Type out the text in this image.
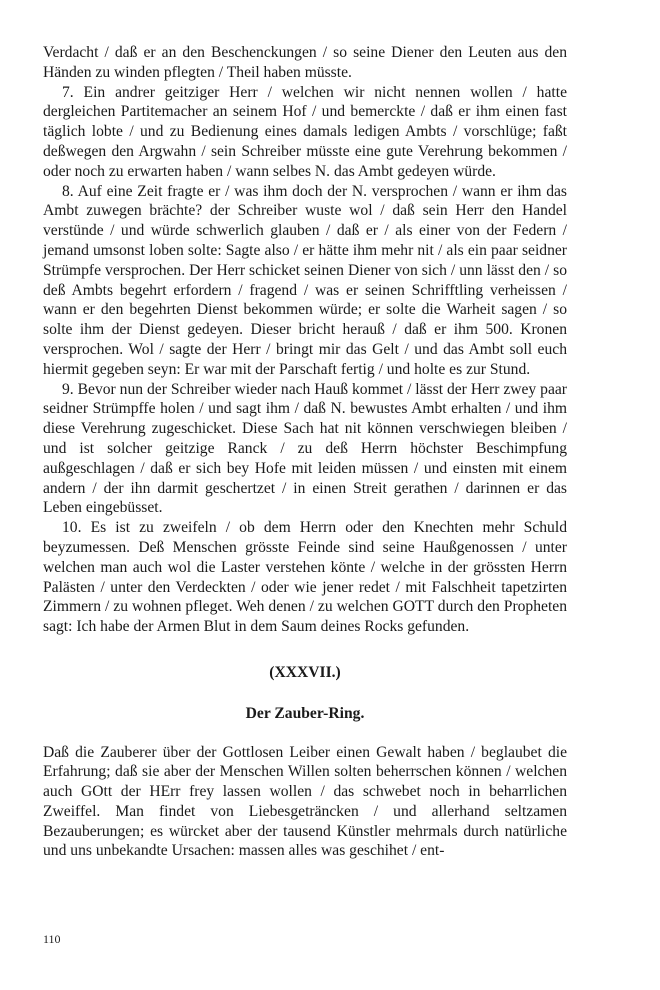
Verdacht / daß er an den Beschenckungen / so seine Diener den Leuten aus den Händen zu winden pflegten / Theil haben müsste.

7. Ein andrer geitziger Herr / welchen wir nicht nennen wollen / hatte dergleichen Partitemacher an seinem Hof / und bemerckte / daß er ihm einen fast täglich lobte / und zu Bedienung eines damals ledigen Ambts / vorschlüge; faßt deßwegen den Argwahn / sein Schreiber müsste eine gute Verehrung bekommen / oder noch zu erwarten haben / wann selbes N. das Ambt gedeyen würde.

8. Auf eine Zeit fragte er / was ihm doch der N. versprochen / wann er ihm das Ambt zuwegen brächte? der Schreiber wuste wol / daß sein Herr den Handel verstünde / und würde schwerlich glauben / daß er / als einer von der Federn / jemand umsonst loben solte: Sagte also / er hätte ihm mehr nit / als ein paar seidner Strümpfe versprochen. Der Herr schicket seinen Diener von sich / unn lässt den / so deß Ambts begehrt erfordern / fragend / was er seinen Schrifftling verheissen / wann er den begehrten Dienst bekommen würde; er solte die Warheit sagen / so solte ihm der Dienst gedeyen. Dieser bricht herauß / daß er ihm 500. Kronen versprochen. Wol / sagte der Herr / bringt mir das Gelt / und das Ambt soll euch hiermit gegeben seyn: Er war mit der Parschaft fertig / und holte es zur Stund.

9. Bevor nun der Schreiber wieder nach Hauß kommet / lässt der Herr zwey paar seidner Strümpffe holen / und sagt ihm / daß N. bewustes Ambt erhalten / und ihm diese Verehrung zugeschicket. Diese Sach hat nit können verschwiegen bleiben / und ist solcher geitzige Ranck / zu deß Herrn höchster Beschimpfung außgeschlagen / daß er sich bey Hofe mit leiden müssen / und einsten mit einem andern / der ihn darmit geschertzet / in einen Streit gerathen / darinnen er das Leben eingebüsset.

10. Es ist zu zweifeln / ob dem Herrn oder den Knechten mehr Schuld beyzumessen. Deß Menschen grösste Feinde sind seine Haußgenossen / unter welchen man auch wol die Laster verstehen könte / welche in der grössten Herrn Palästen / unter den Verdeckten / oder wie jener redet / mit Falschheit tapetzirten Zimmern / zu wohnen pfleget. Weh denen / zu welchen GOTT durch den Propheten sagt: Ich habe der Armen Blut in dem Saum deines Rocks gefunden.

(XXXVII.)
Der Zauber-Ring.

Daß die Zauberer über der Gottlosen Leiber einen Gewalt haben / beglaubet die Erfahrung; daß sie aber der Menschen Willen solten beherrschen können / welchen auch GOtt der HErr frey lassen wollen / das schwebet noch in beharrlichen Zweiffel. Man findet von Liebesgeträncken / und allerhand seltzamen Bezauberungen; es würcket aber der tausend Künstler mehrmals durch natürliche und uns unbekandte Ursachen: massen alles was geschihet / ent-

110
